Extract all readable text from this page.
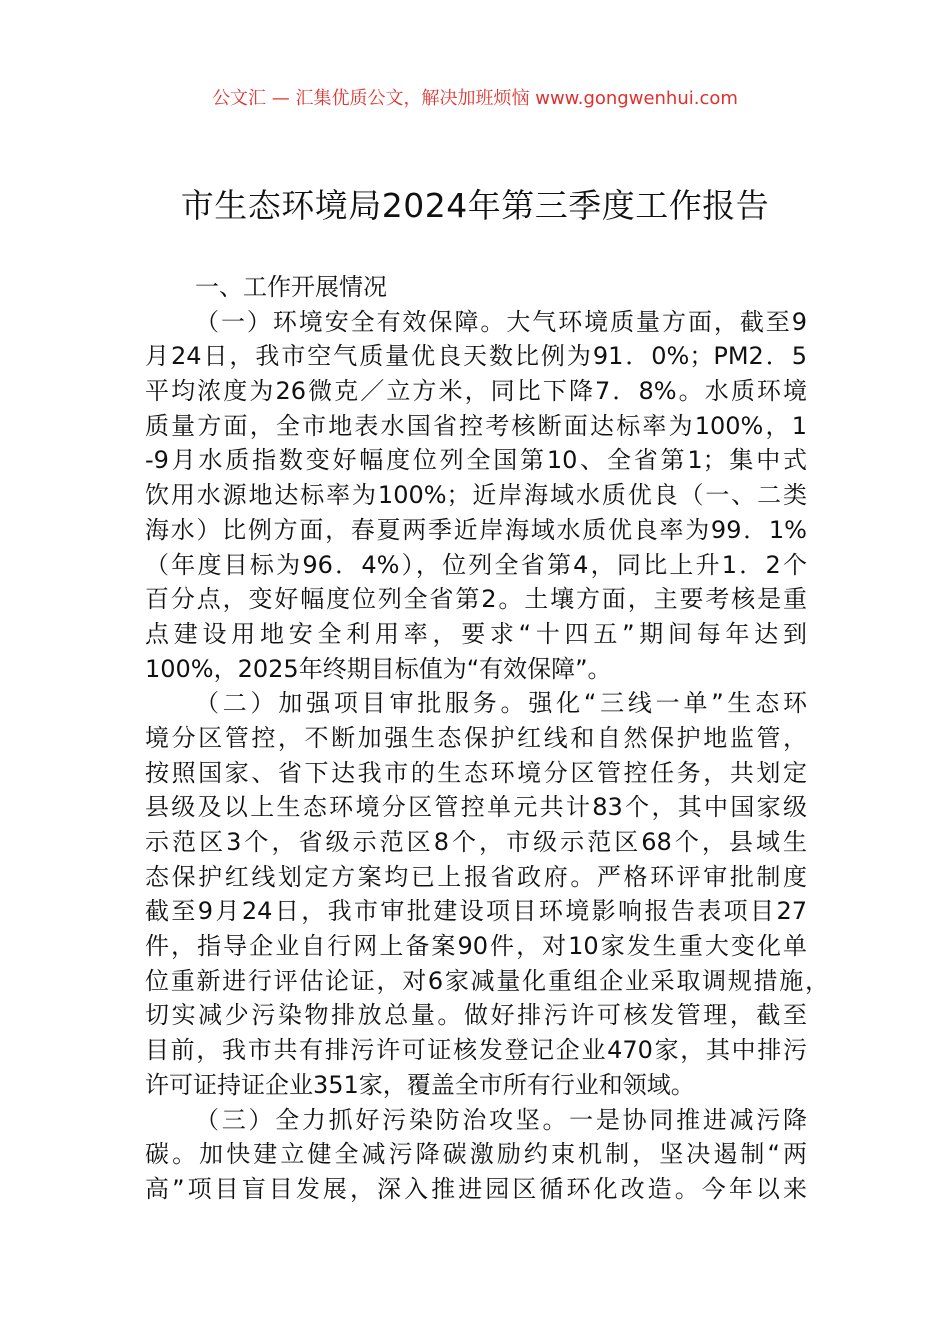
公文汇 — 汇集优质公文，解决加班烦恼 www.gongwenhui.com
市生态环境局2024年第三季度工作报告
一、工作开展情况
（一）环境安全有效保障。大气环境质量方面，截至9
月24日，我市空气质量优良天数比例为91．0%；PM2．5
平均浓度为26微克／立方米，同比下降7．8%。水质环境
质量方面，全市地表水国省控考核断面达标率为100%，1
-9月水质指数变好幅度位列全国第10、全省第1；集中式
饮用水源地达标率为100%；近岸海域水质优良（一、二类
海水）比例方面，春夏两季近岸海域水质优良率为99．1%
（年度目标为96．4%），位列全省第4，同比上升1．2个
百分点，变好幅度位列全省第2。土壤方面，主要考核是重
点建设用地安全利用率，要求“十四五”期间每年达到
100%，2025年终期目标值为“有效保障”。
（二）加强项目审批服务。强化“三线一单”生态环
境分区管控，不断加强生态保护红线和自然保护地监管，
按照国家、省下达我市的生态环境分区管控任务，共划定
县级及以上生态环境分区管控单元共计83个，其中国家级
示范区3个，省级示范区8个，市级示范区68个，县域生
态保护红线划定方案均已上报省政府。严格环评审批制度
截至9月24日，我市审批建设项目环境影响报告表项目27
件，指导企业自行网上备案90件，对10家发生重大变化单
位重新进行评估论证，对6家减量化重组企业采取调规措施，
切实减少污染物排放总量。做好排污许可核发管理，截至
目前，我市共有排污许可证核发登记企业470家，其中排污
许可证持证企业351家，覆盖全市所有行业和领域。
（三）全力抓好污染防治攻坚。一是协同推进减污降
碳。加快建立健全减污降碳激励约束机制，坚决遏制“两
高”项目盲目发展，深入推进园区循环化改造。今年以来
